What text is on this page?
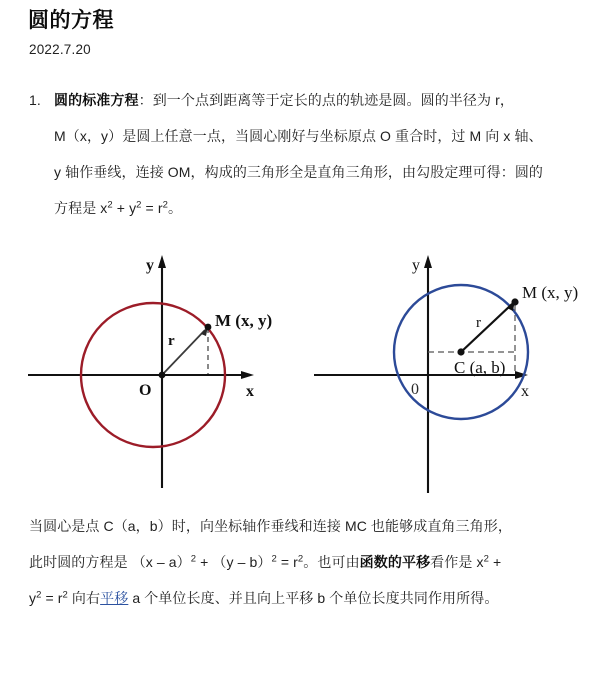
圆的方程
2022.7.20
1. 圆的标准方程：到一个点到距离等于定长的点的轨迹是圆。圆的半径为 r，
M（x，y）是圆上任意一点，当圆心刚好与坐标原点 O 重合时，过 M 向 x 轴、
y 轴作垂线，连接 OM，构成的三角形全是直角三角形，由勾股定理可得：圆的
方程是 $x^2 + y^2 = r^2$。
y
x
O
r
M (x, y)
y
x
0
r
C (a, b)
M (x, y)
当圆心是点 C（a，b）时，向坐标轴作垂线和连接 MC 也能够成直角三角形，
此时圆的方程是 $(x - a)^2 + (y - b)^2 = r^2$。也可由函数的平移看作是 $x^2$ +
$y^2 = r^2$ 向右平移 a 个单位长度、并且向上平移 b 个单位长度共同作用所得。
